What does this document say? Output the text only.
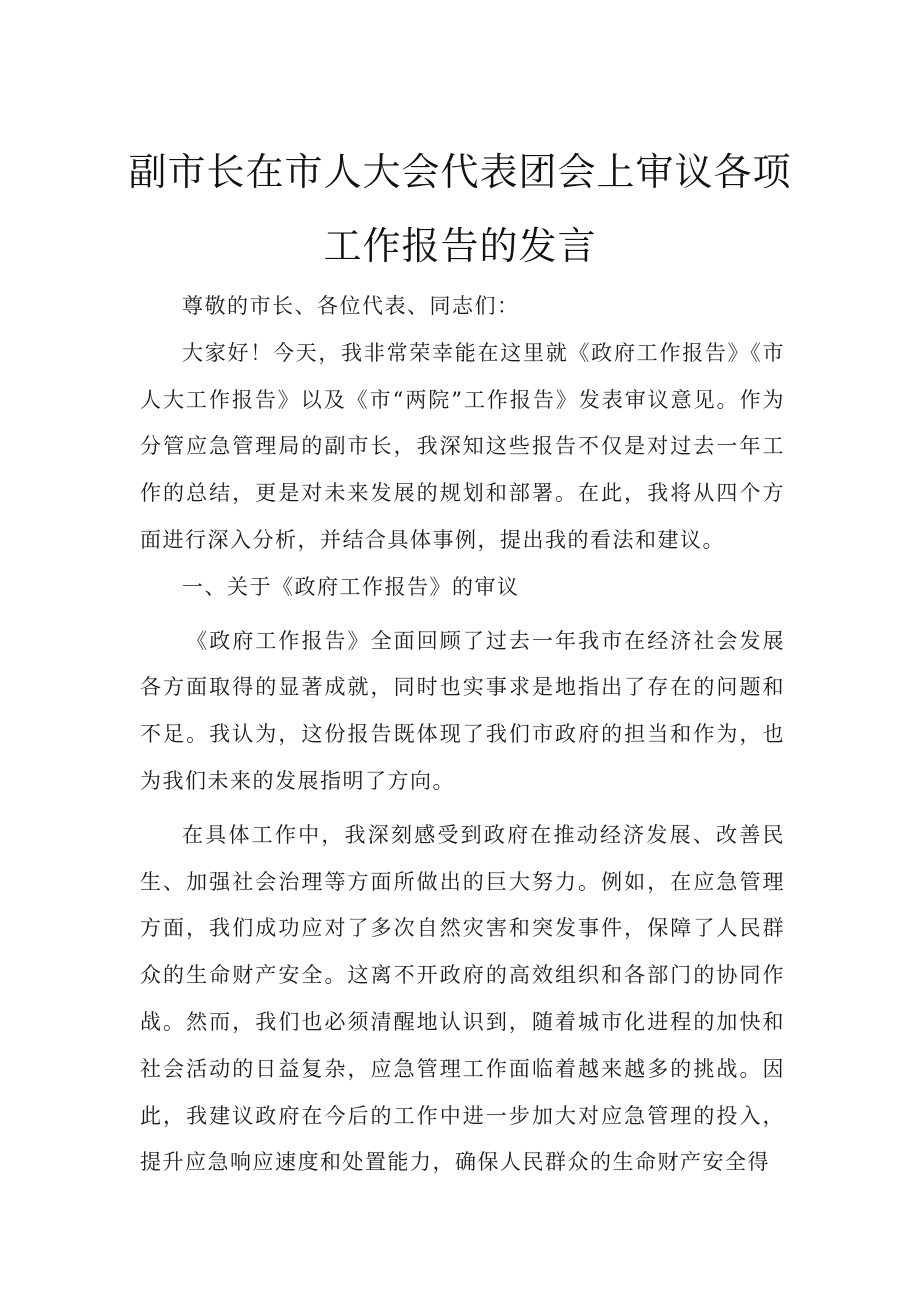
副市长在市人大会代表团会上审议各项
工作报告的发言

尊敬的市长、各位代表、同志们：

大家好！今天，我非常荣幸能在这里就《政府工作报告》《市人大工作报告》以及《市“两院”工作报告》发表审议意见。作为分管应急管理局的副市长，我深知这些报告不仅是对过去一年工作的总结，更是对未来发展的规划和部署。在此，我将从四个方面进行深入分析，并结合具体事例，提出我的看法和建议。

一、关于《政府工作报告》的审议

《政府工作报告》全面回顾了过去一年我市在经济社会发展各方面取得的显著成就，同时也实事求是地指出了存在的问题和不足。我认为，这份报告既体现了我们市政府的担当和作为，也为我们未来的发展指明了方向。

在具体工作中，我深刻感受到政府在推动经济发展、改善民生、加强社会治理等方面所做出的巨大努力。例如，在应急管理方面，我们成功应对了多次自然灾害和突发事件，保障了人民群众的生命财产安全。这离不开政府的高效组织和各部门的协同作战。然而，我们也必须清醒地认识到，随着城市化进程的加快和社会活动的日益复杂，应急管理工作面临着越来越多的挑战。因此，我建议政府在今后的工作中进一步加大对应急管理的投入，提升应急响应速度和处置能力，确保人民群众的生命财产安全得
